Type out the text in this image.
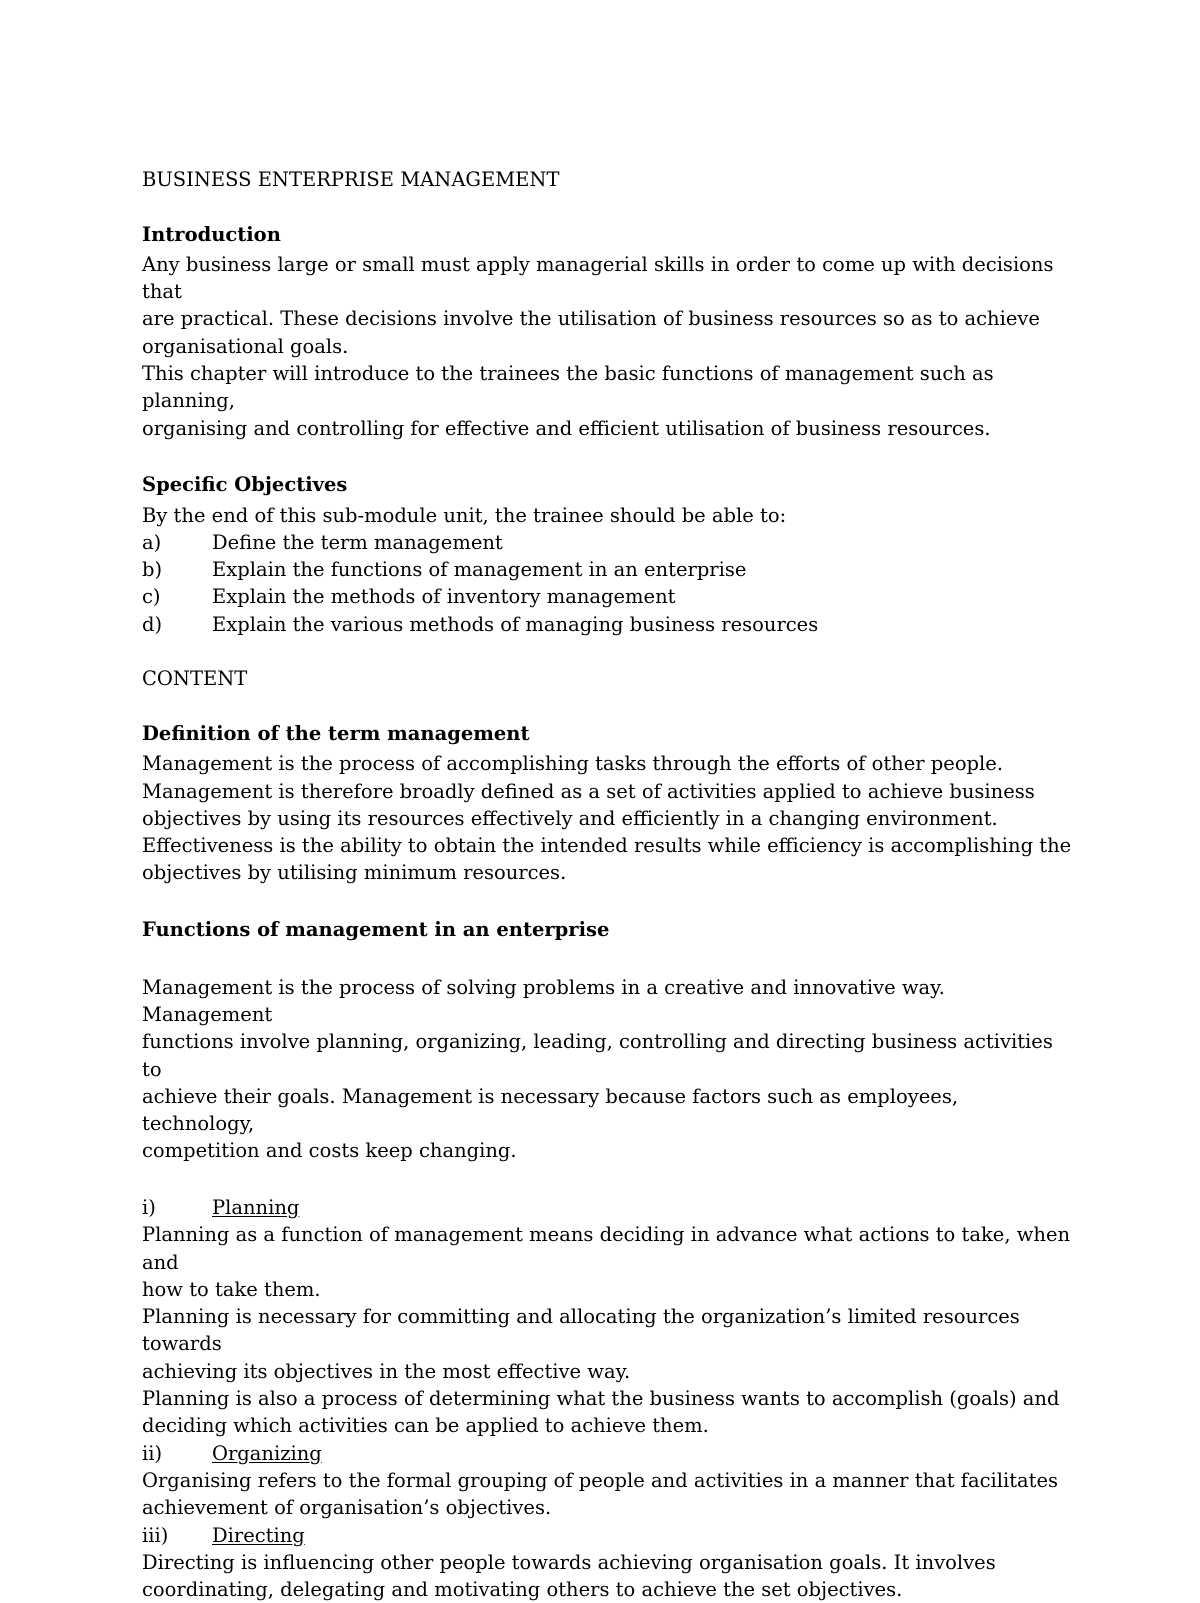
BUSINESS ENTERPRISE MANAGEMENT

Introduction

Any business large or small must apply managerial skills in order to come up with decisions that

are practical. These decisions involve the utilisation of business resources so as to achieve

organisational goals.

This chapter will introduce to the trainees the basic functions of management such as planning,

organising and controlling for effective and efficient utilisation of business resources.

Specific Objectives

By the end of this sub-module unit, the trainee should be able to:

a)	Define the term management
b)	Explain the functions of management in an enterprise
c)	Explain the methods of inventory management
d)	Explain the various methods of managing business resources

CONTENT

Definition of the term management

Management is the process of accomplishing tasks through the efforts of other people.

Management is therefore broadly defined as a set of activities applied to achieve business

objectives by using its resources effectively and efficiently in a changing environment.

Effectiveness is the ability to obtain the intended results while efficiency is accomplishing the

objectives by utilising minimum resources.

Functions of management in an enterprise

Management is the process of solving problems in a creative and innovative way. Management

functions involve planning, organizing, leading, controlling and directing business activities to

achieve their goals. Management is necessary because factors such as employees, technology,

competition and costs keep changing.

i)	Planning

Planning as a function of management means deciding in advance what actions to take, when and

how to take them.

Planning is necessary for committing and allocating the organization’s limited resources towards

achieving its objectives in the most effective way.

Planning is also a process of determining what the business wants to accomplish (goals) and

deciding which activities can be applied to achieve them.

ii)	Organizing

Organising refers to the formal grouping of people and activities in a manner that facilitates

achievement of organisation’s objectives.

iii)	Directing

Directing is influencing other people towards achieving organisation goals. It involves

coordinating, delegating and motivating others to achieve the set objectives.
